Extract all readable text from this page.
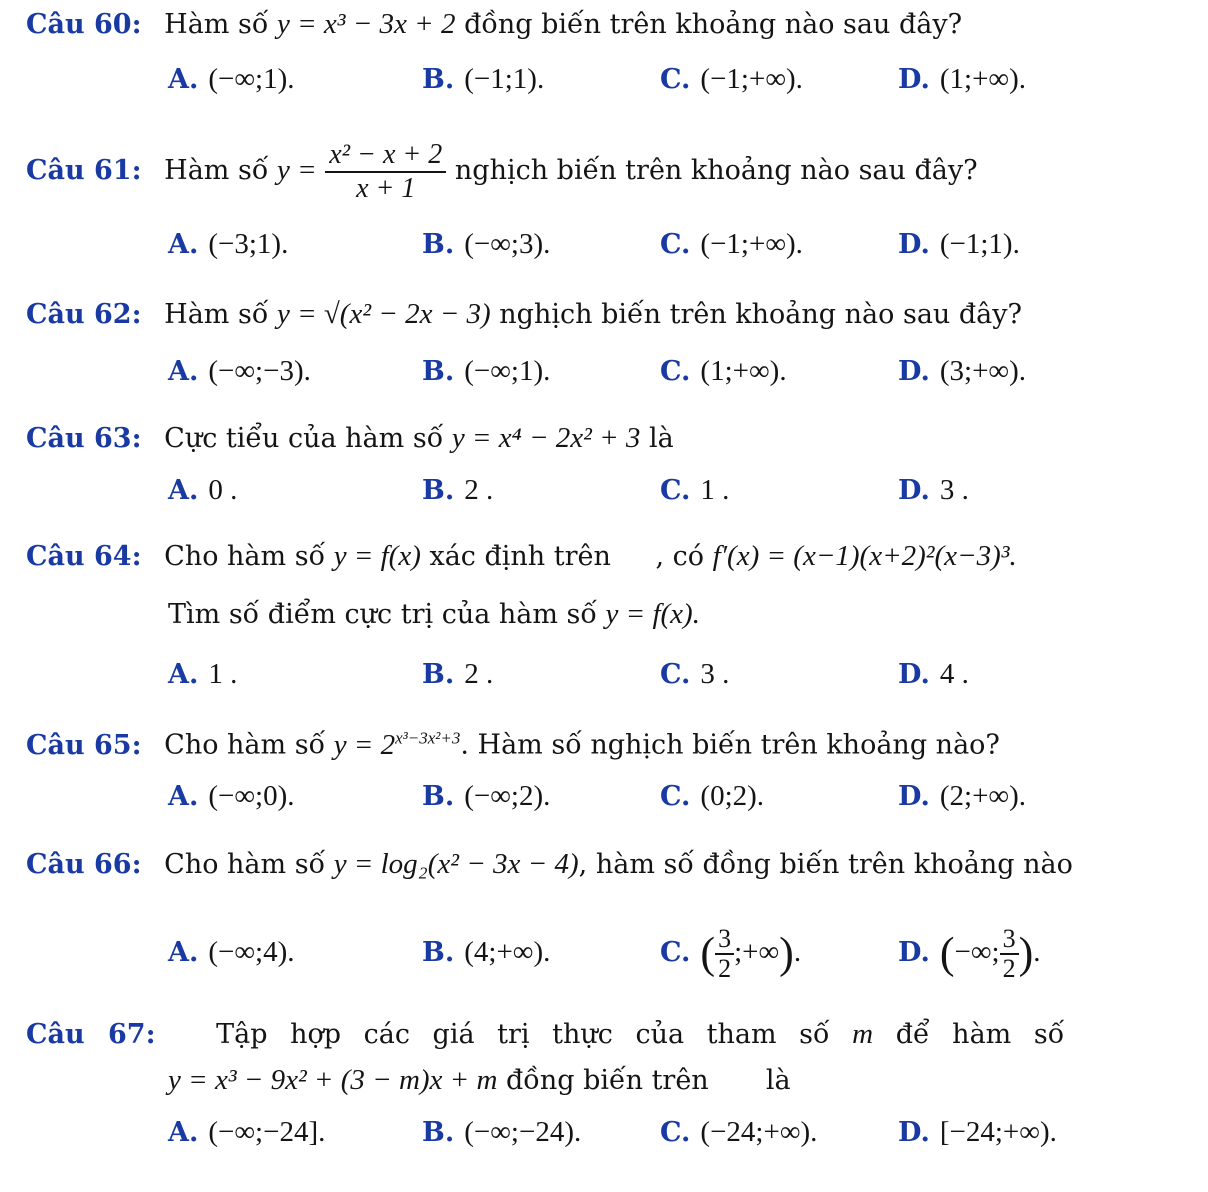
Câu 60: Hàm số y = x³ − 3x + 2 đồng biến trên khoảng nào sau đây?
A. (−∞;1).	B. (−1;1).	C. (−1;+∞).	D. (1;+∞).
Câu 61: Hàm số $y = \frac{\text{x² − x + 2}}{x + 1}$ nghịch biến trên khoảng nào sau đây?
A. (−3;1).	B. (−∞;3).	C. (−1;+∞).	D. (−1;1).
Câu 62: Hàm số y = √(x² − 2x − 3) nghịch biến trên khoảng nào sau đây?
A. (−∞;−3).	B. (−∞;1).	C. (1;+∞).	D. (3;+∞).
Câu 63: Cực tiểu của hàm số y = x⁴ − 2x² + 3 là
A. 0 .	B. 2 .	C. 1 .	D. 3 .
Câu 64: Cho hàm số y = f(x) xác định trên , có f′(x) = (x−1)(x+2)²(x−3)³.
Tìm số điểm cực trị của hàm số y = f(x).
A. 1 .	B. 2 .	C. 3 .	D. 4 .
Câu 65: Cho hàm số $y = 2^{x^3-3x^2+3}$. Hàm số nghịch biến trên khoảng nào?
A. (−∞;0).	B. (−∞;2).	C. (0;2).	D. (2;+∞).
Câu 66: Cho hàm số y = log₂(x² − 3x − 4), hàm số đồng biến trên khoảng nào
A. (−∞;4).	B. (4;+∞).	C. ( $\frac{3}{2}$ ;+∞).	D. (−∞; $\frac{3}{2}$ ).
Câu 67: Tập hợp các giá trị thực của tham số m để hàm số
y = x³ − 9x² + (3 − m)x + m đồng biến trên là
A. (−∞;−24].	B. (−∞;−24).	C. (−24;+∞).	D. [−24;+∞).
